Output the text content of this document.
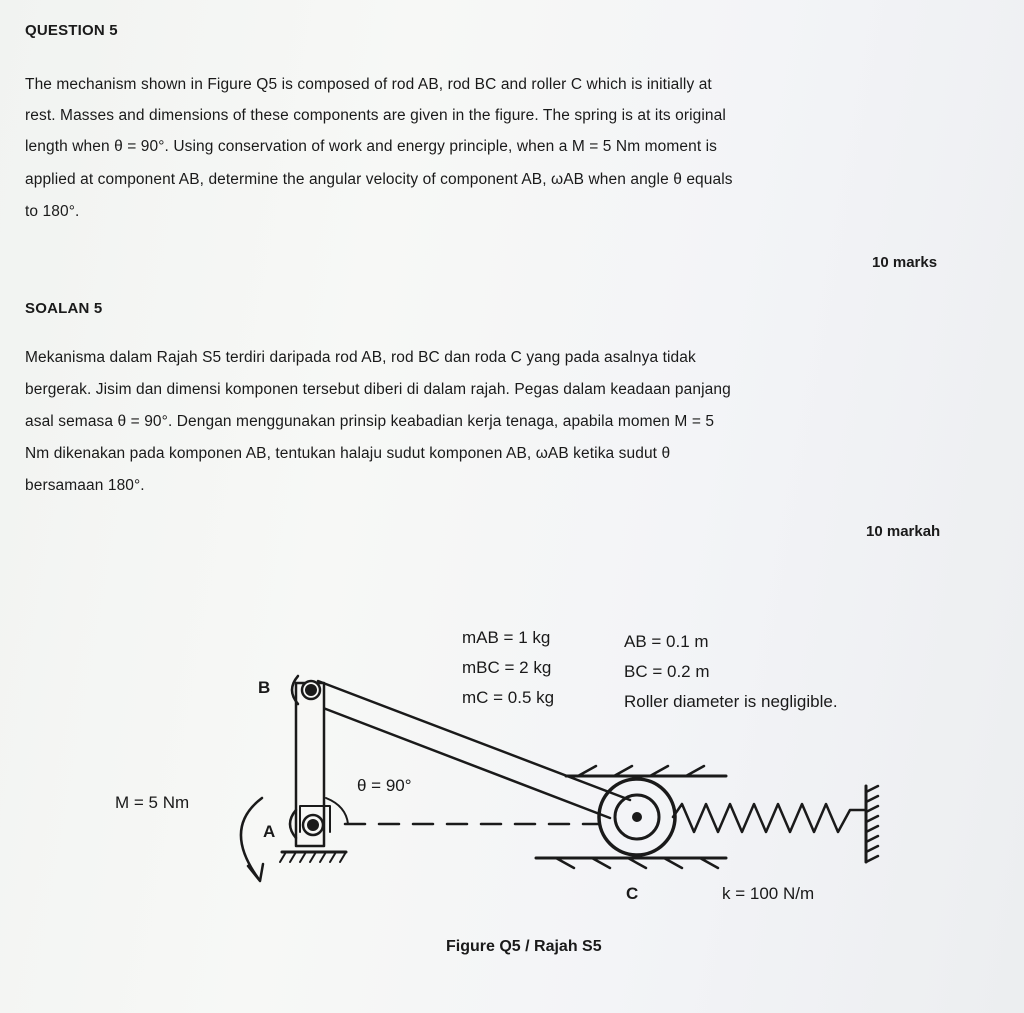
QUESTION 5
The mechanism shown in Figure Q5 is composed of rod AB, rod BC and roller C which is initially at
rest. Masses and dimensions of these components are given in the figure. The spring is at its original
length when θ = 90°. Using conservation of work and energy principle, when a M = 5 Nm moment is
applied at component AB, determine the angular velocity of component AB, ωAB when angle θ equals
to 180°.
10 marks
SOALAN 5
Mekanisma dalam Rajah S5 terdiri daripada rod AB, rod BC dan roda C yang pada asalnya tidak
bergerak. Jisim dan dimensi komponen tersebut diberi di dalam rajah. Pegas dalam keadaan panjang
asal semasa θ = 90°. Dengan menggunakan prinsip keabadian kerja tenaga, apabila momen M = 5
Nm dikenakan pada komponen AB, tentukan halaju sudut komponen AB, ωAB ketika sudut θ
bersamaan 180°.
10 markah
mAB = 1 kg
mBC = 2 kg
mC = 0.5 kg
AB = 0.1 m
BC = 0.2 m
Roller diameter is negligible.
B
A
C
M = 5 Nm
θ = 90°
k = 100 N/m
Figure Q5 / Rajah S5
